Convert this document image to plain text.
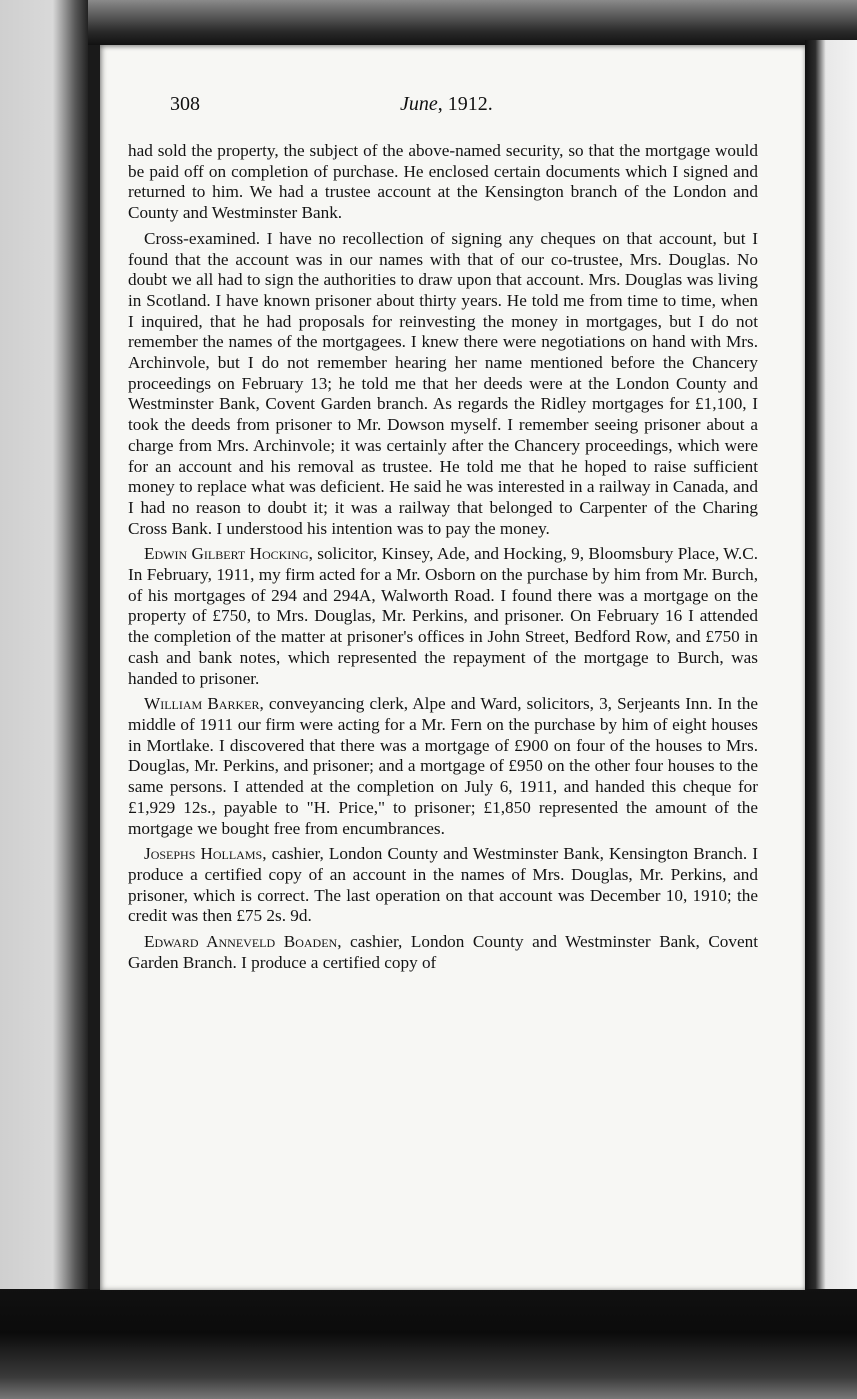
308	June, 1912.

had sold the property, the subject of the above-named security, so that the mortgage would be paid off on completion of purchase. He enclosed certain documents which I signed and returned to him. We had a trustee account at the Kensington branch of the London and County and Westminster Bank.

Cross-examined. I have no recollection of signing any cheques on that account, but I found that the account was in our names with that of our co-trustee, Mrs. Douglas. No doubt we all had to sign the authorities to draw upon that account. Mrs. Douglas was living in Scotland. I have known prisoner about thirty years. He told me from time to time, when I inquired, that he had proposals for reinvesting the money in mortgages, but I do not remember the names of the mortgagees. I knew there were negotiations on hand with Mrs. Archinvole, but I do not remember hearing her name mentioned before the Chancery proceedings on February 13; he told me that her deeds were at the London County and Westminster Bank, Covent Garden branch. As regards the Ridley mortgages for £1,100, I took the deeds from prisoner to Mr. Dowson myself. I remember seeing prisoner about a charge from Mrs. Archinvole; it was certainly after the Chancery proceedings, which were for an account and his removal as trustee. He told me that he hoped to raise sufficient money to replace what was deficient. He said he was interested in a railway in Canada, and I had no reason to doubt it; it was a railway that belonged to Carpenter of the Charing Cross Bank. I understood his intention was to pay the money.

Edwin Gilbert Hocking, solicitor, Kinsey, Ade, and Hocking, 9, Bloomsbury Place, W.C. In February, 1911, my firm acted for a Mr. Osborn on the purchase by him from Mr. Burch, of his mortgages of 294 and 294A, Walworth Road. I found there was a mortgage on the property of £750, to Mrs. Douglas, Mr. Perkins, and prisoner. On February 16 I attended the completion of the matter at prisoner's offices in John Street, Bedford Row, and £750 in cash and bank notes, which represented the repayment of the mortgage to Burch, was handed to prisoner.

William Barker, conveyancing clerk, Alpe and Ward, solicitors, 3, Serjeants Inn. In the middle of 1911 our firm were acting for a Mr. Fern on the purchase by him of eight houses in Mortlake. I discovered that there was a mortgage of £900 on four of the houses to Mrs. Douglas, Mr. Perkins, and prisoner; and a mortgage of £950 on the other four houses to the same persons. I attended at the completion on July 6, 1911, and handed this cheque for £1,929 12s., payable to "H. Price," to prisoner; £1,850 represented the amount of the mortgage we bought free from encumbrances.

Josephs Hollams, cashier, London County and Westminster Bank, Kensington Branch. I produce a certified copy of an account in the names of Mrs. Douglas, Mr. Perkins, and prisoner, which is correct. The last operation on that account was December 10, 1910; the credit was then £75 2s. 9d.

Edward Anneveld Boaden, cashier, London County and Westminster Bank, Covent Garden Branch. I produce a certified copy of
